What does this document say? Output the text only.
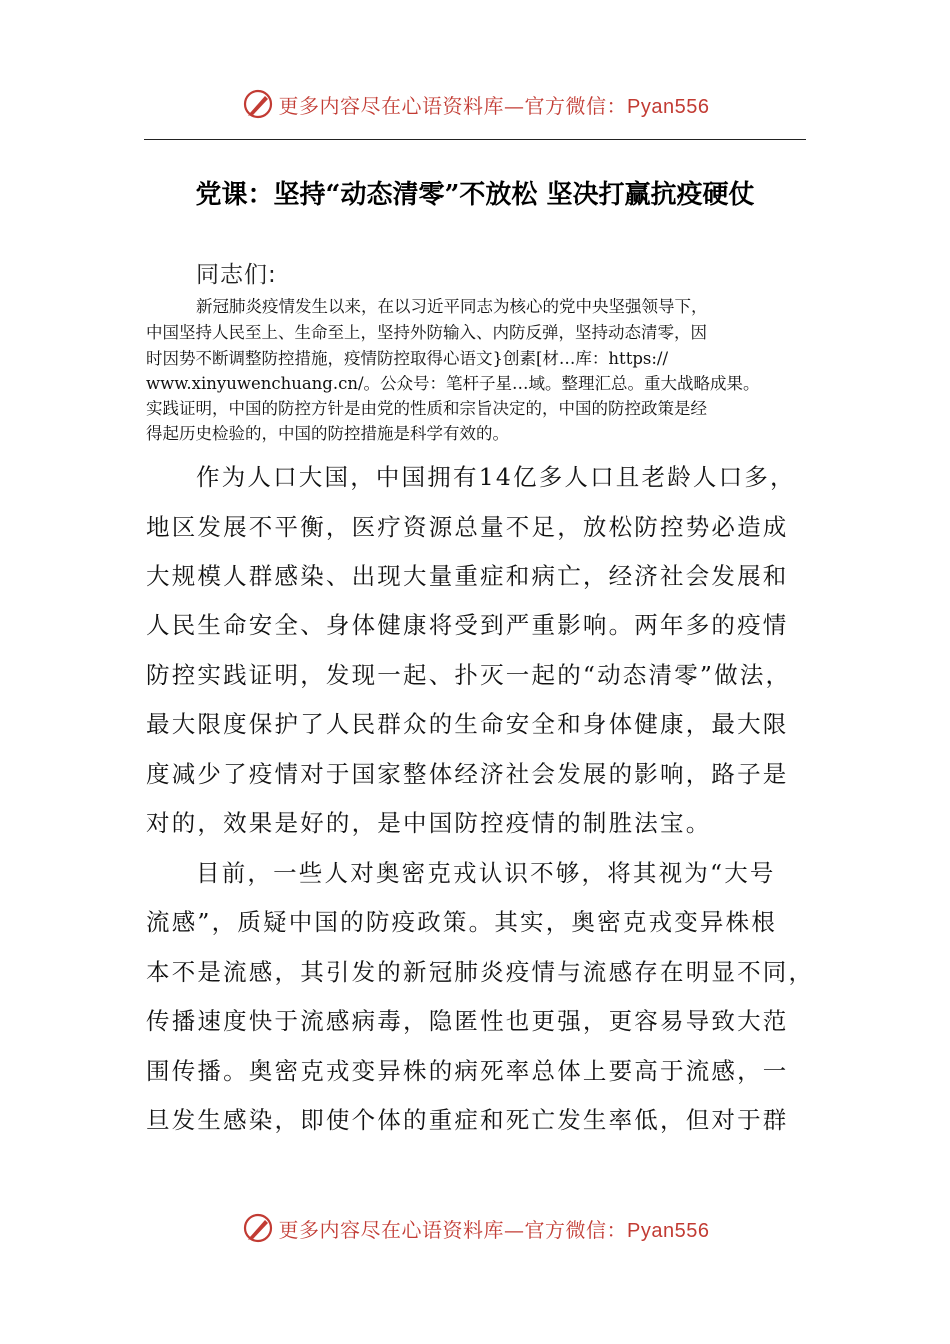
更多内容尽在心语资料库—官方微信：Pyan556
党课：坚持“动态清零”不放松 坚决打赢抗疫硬仗
同志们:
新冠肺炎疫情发生以来，在以习近平同志为核心的党中央坚强领导下，
中国坚持人民至上、生命至上，坚持外防输入、内防反弹，坚持动态清零，因
时因势不断调整防控措施，疫情防控取得心语文}创素[材…库：https://
www.xinyuwenchuang.cn/。公众号：笔杆子星…域。整理汇总。重大战略成果。
实践证明，中国的防控方针是由党的性质和宗旨决定的，中国的防控政策是经
得起历史检验的，中国的防控措施是科学有效的。
作为人口大国，中国拥有14亿多人口且老龄人口多，
地区发展不平衡，医疗资源总量不足，放松防控势必造成
大规模人群感染、出现大量重症和病亡，经济社会发展和
人民生命安全、身体健康将受到严重影响。两年多的疫情
防控实践证明，发现一起、扑灭一起的“动态清零”做法，
最大限度保护了人民群众的生命安全和身体健康，最大限
度减少了疫情对于国家整体经济社会发展的影响，路子是
对的，效果是好的，是中国防控疫情的制胜法宝。
目前，一些人对奥密克戎认识不够，将其视为“大号
流感”，质疑中国的防疫政策。其实，奥密克戎变异株根
本不是流感，其引发的新冠肺炎疫情与流感存在明显不同，
传播速度快于流感病毒，隐匿性也更强，更容易导致大范
围传播。奥密克戎变异株的病死率总体上要高于流感，一
旦发生感染，即使个体的重症和死亡发生率低，但对于群
更多内容尽在心语资料库—官方微信：Pyan556
